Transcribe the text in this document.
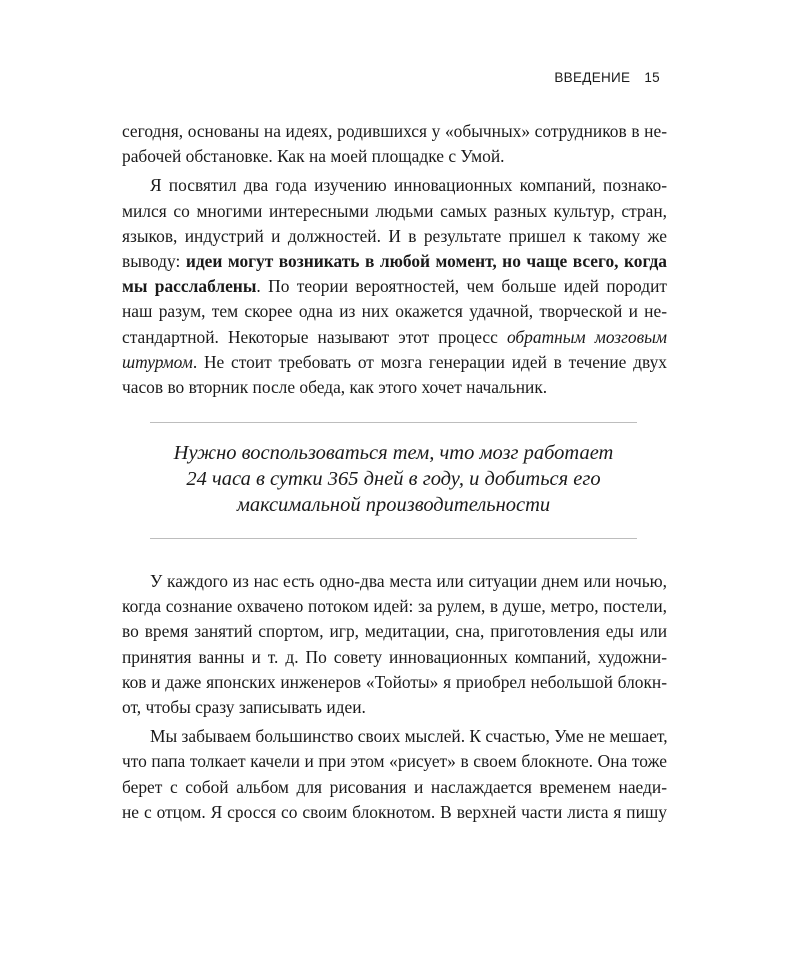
ВВЕДЕНИЕ 15

сегодня, основаны на идеях, родившихся у «обычных» сотрудников в не-
рабочей обстановке. Как на моей площадке с Умой.

Я посвятил два года изучению инновационных компаний, познако-
мился со многими интересными людьми самых разных культур, стран,
языков, индустрий и должностей. И в результате пришел к такому же
выводу: идеи могут возникать в любой момент, но чаще всего, когда
мы расслаблены. По теории вероятностей, чем больше идей породит
наш разум, тем скорее одна из них окажется удачной, творческой и не-
стандартной. Некоторые называют этот процесс обратным мозговым
штурмом. Не стоит требовать от мозга генерации идей в течение двух
часов во вторник после обеда, как этого хочет начальник.

Нужно воспользоваться тем, что мозг работает
24 часа в сутки 365 дней в году, и добиться его
максимальной производительности

У каждого из нас есть одно-два места или ситуации днем или ночью,
когда сознание охвачено потоком идей: за рулем, в душе, метро, постели,
во время занятий спортом, игр, медитации, сна, приготовления еды или
принятия ванны и т. д. По совету инновационных компаний, художни-
ков и даже японских инженеров «Тойоты» я приобрел небольшой блокн-
от, чтобы сразу записывать идеи.

Мы забываем большинство своих мыслей. К счастью, Уме не мешает,
что папа толкает качели и при этом «рисует» в своем блокноте. Она тоже
берет с собой альбом для рисования и наслаждается временем наеди-
не с отцом. Я сросся со своим блокнотом. В верхней части листа я пишу
